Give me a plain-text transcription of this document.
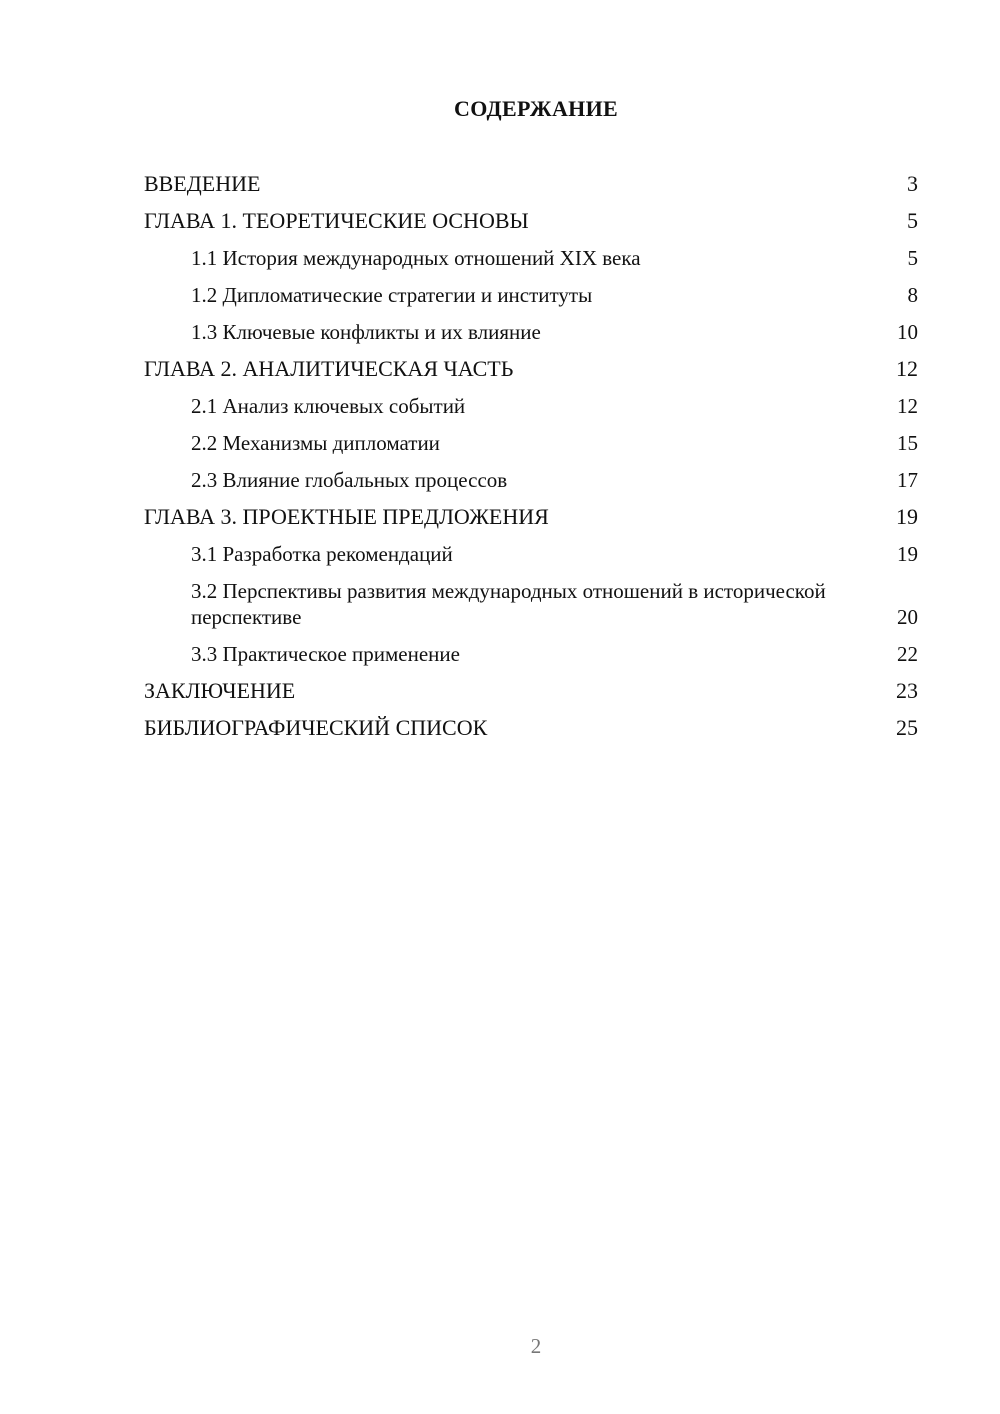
СОДЕРЖАНИЕ
ВВЕДЕНИЕ	3
ГЛАВА 1. ТЕОРЕТИЧЕСКИЕ ОСНОВЫ	5
1.1 История международных отношений XIX века	5
1.2 Дипломатические стратегии и институты	8
1.3 Ключевые конфликты и их влияние	10
ГЛАВА 2. АНАЛИТИЧЕСКАЯ ЧАСТЬ	12
2.1 Анализ ключевых событий	12
2.2 Механизмы дипломатии	15
2.3 Влияние глобальных процессов	17
ГЛАВА 3. ПРОЕКТНЫЕ ПРЕДЛОЖЕНИЯ	19
3.1 Разработка рекомендаций	19
3.2 Перспективы развития международных отношений в исторической перспективе	20
3.3 Практическое применение	22
ЗАКЛЮЧЕНИЕ	23
БИБЛИОГРАФИЧЕСКИЙ СПИСОК	25
2
